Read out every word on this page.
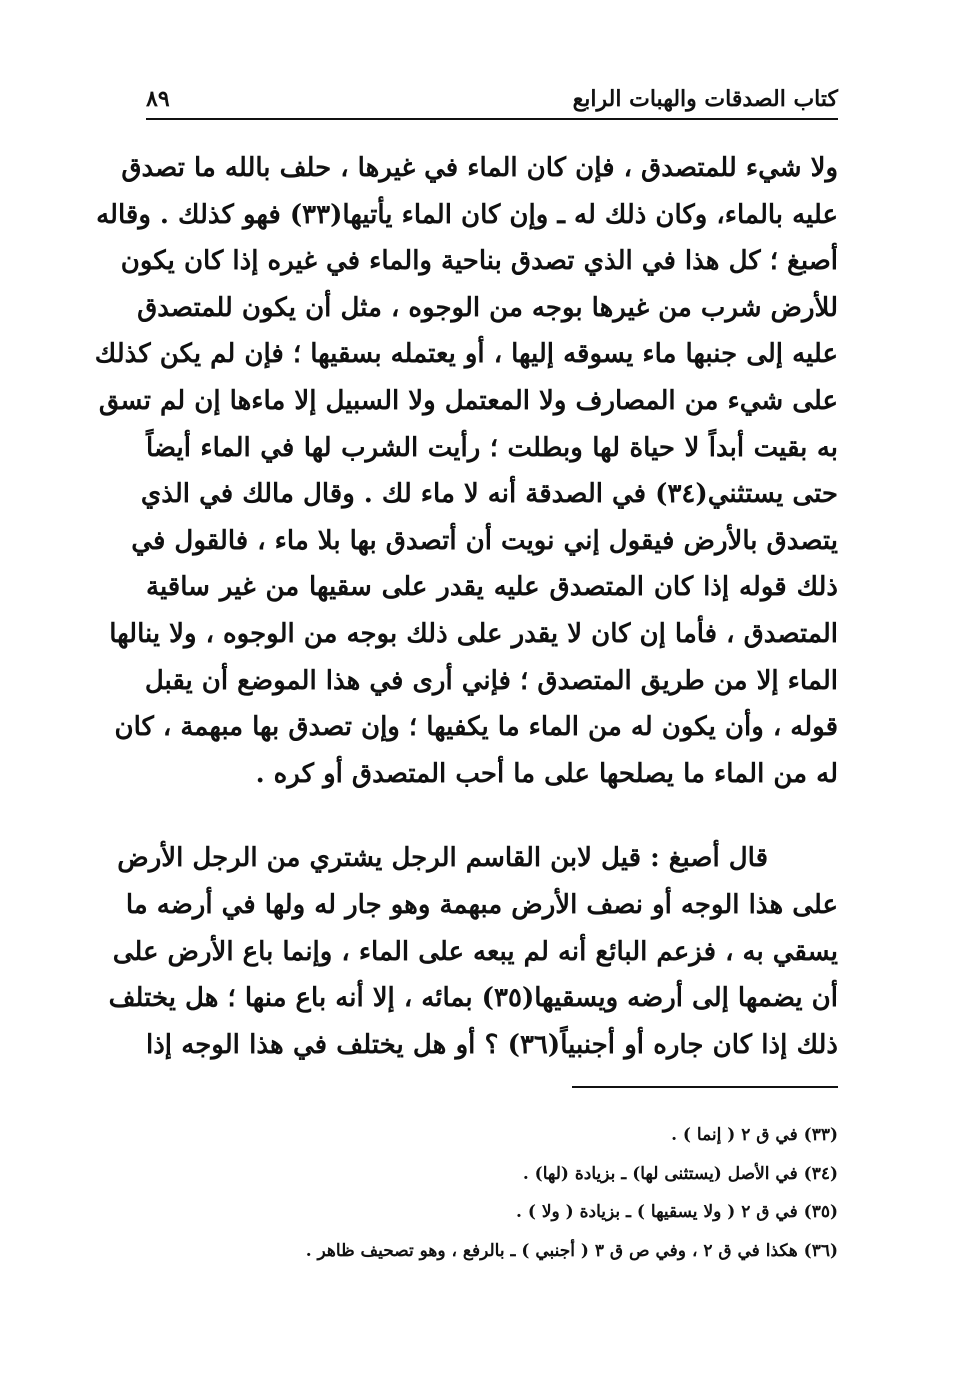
كتاب الصدقات والهبات الرابع
٨٩
ولا شيء للمتصدق ، فإن كان الماء في غيرها ، حلف بالله ما تصدق
عليه بالماء، وكان ذلك له ـ وإن كان الماء يأتيها(٣٣) فهو كذلك . وقاله
أصبغ ؛ كل هذا في الذي تصدق بناحية والماء في غيره إذا كان يكون
للأرض شرب من غيرها بوجه من الوجوه ، مثل أن يكون للمتصدق
عليه إلى جنبها ماء يسوقه إليها ، أو يعتمله بسقيها ؛ فإن لم يكن كذلك
على شيء من المصارف ولا المعتمل ولا السبيل إلا ماءها إن لم تسق
به بقيت أبداً لا حياة لها وبطلت ؛ رأيت الشرب لها في الماء أيضاً
حتى يستثني(٣٤) في الصدقة أنه لا ماء لك . وقال مالك في الذي
يتصدق بالأرض فيقول إني نويت أن أتصدق بها بلا ماء ، فالقول في
ذلك قوله إذا كان المتصدق عليه يقدر على سقيها من غير ساقية
المتصدق ، فأما إن كان لا يقدر على ذلك بوجه من الوجوه ، ولا ينالها
الماء إلا من طريق المتصدق ؛ فإني أرى في هذا الموضع أن يقبل
قوله ، وأن يكون له من الماء ما يكفيها ؛ وإن تصدق بها مبهمة ، كان
له من الماء ما يصلحها على ما أحب المتصدق أو كره .
قال أصبغ : قيل لابن القاسم الرجل يشتري من الرجل الأرض
على هذا الوجه أو نصف الأرض مبهمة وهو جار له ولها في أرضه ما
يسقي به ، فزعم البائع أنه لم يبعه على الماء ، وإنما باع الأرض على
أن يضمها إلى أرضه ويسقيها(٣٥) بمائه ، إلا أنه باع منها ؛ هل يختلف
ذلك إذا كان جاره أو أجنبياً(٣٦) ؟ أو هل يختلف في هذا الوجه إذا
(٣٣) في ق ٢ ( إنما ) .
(٣٤) في الأصل (يستثنى لها) ـ بزيادة (لها) .
(٣٥) في ق ٢ ( ولا يسقيها ) ـ بزيادة ( ولا ) .
(٣٦) هكذا في ق ٢ ، وفي ص ق ٣ ( أجنبي ) ـ بالرفع ، وهو تصحيف ظاهر .
